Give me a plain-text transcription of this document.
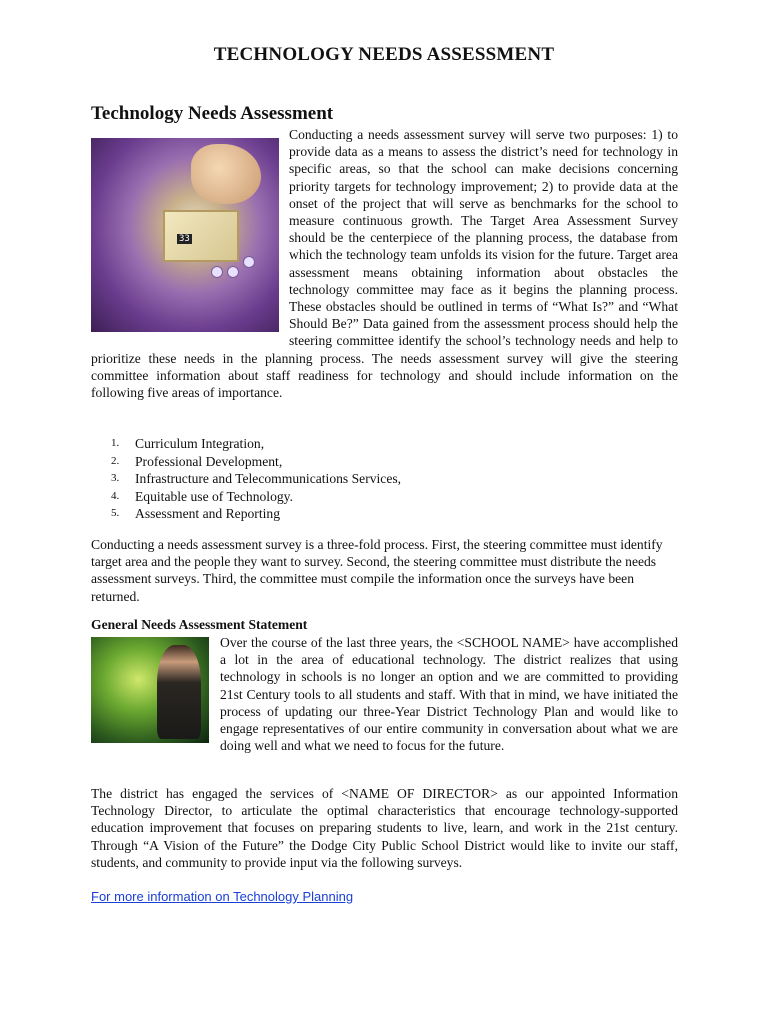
TECHNOLOGY NEEDS ASSESSMENT
Technology Needs Assessment
33
Conducting a needs assessment survey will serve two purposes: 1) to provide data as a means to assess the district’s need for technology in specific areas, so that the school can make decisions concerning priority targets for technology improvement; 2) to provide data at the onset of the project that will serve as benchmarks for the school to measure continuous growth. The Target Area Assessment Survey should be the centerpiece of the planning process, the database from which the technology team unfolds its vision for the future. Target area assessment means obtaining information about obstacles the technology committee may face as it begins the planning process. These obstacles should be outlined in terms of “What Is?” and “What Should Be?” Data gained from the assessment process should help the steering committee identify the school’s technology needs and help to prioritize these needs in the planning process. The needs assessment survey will give the steering committee information about staff readiness for technology and should include information on the following five areas of importance.
1.	Curriculum Integration,
2.	Professional Development,
3.	Infrastructure and Telecommunications Services,
4.	Equitable use of Technology.
5.	Assessment and Reporting
Conducting a needs assessment survey is a three-fold process. First, the steering committee must identify target area and the people they want to survey. Second, the steering committee must distribute the needs assessment surveys. Third, the committee must compile the information once the surveys have been returned.
General Needs Assessment Statement
Over the course of the last three years, the <SCHOOL NAME> have accomplished a lot in the area of educational technology. The district realizes that using technology in schools is no longer an option and we are committed to providing 21st Century tools to all students and staff. With that in mind, we have initiated the process of updating our three-Year District Technology Plan and would like to engage representatives of our entire community in conversation about what we are doing well and what we need to focus for the future.
The district has engaged the services of <NAME OF DIRECTOR> as our appointed Information Technology Director, to articulate the optimal characteristics that encourage technology-supported education improvement that focuses on preparing students to live, learn, and work in the 21st century. Through “A Vision of the Future” the Dodge City Public School District would like to invite our staff, students, and community to provide input via the following surveys.
For more information on Technology Planning
